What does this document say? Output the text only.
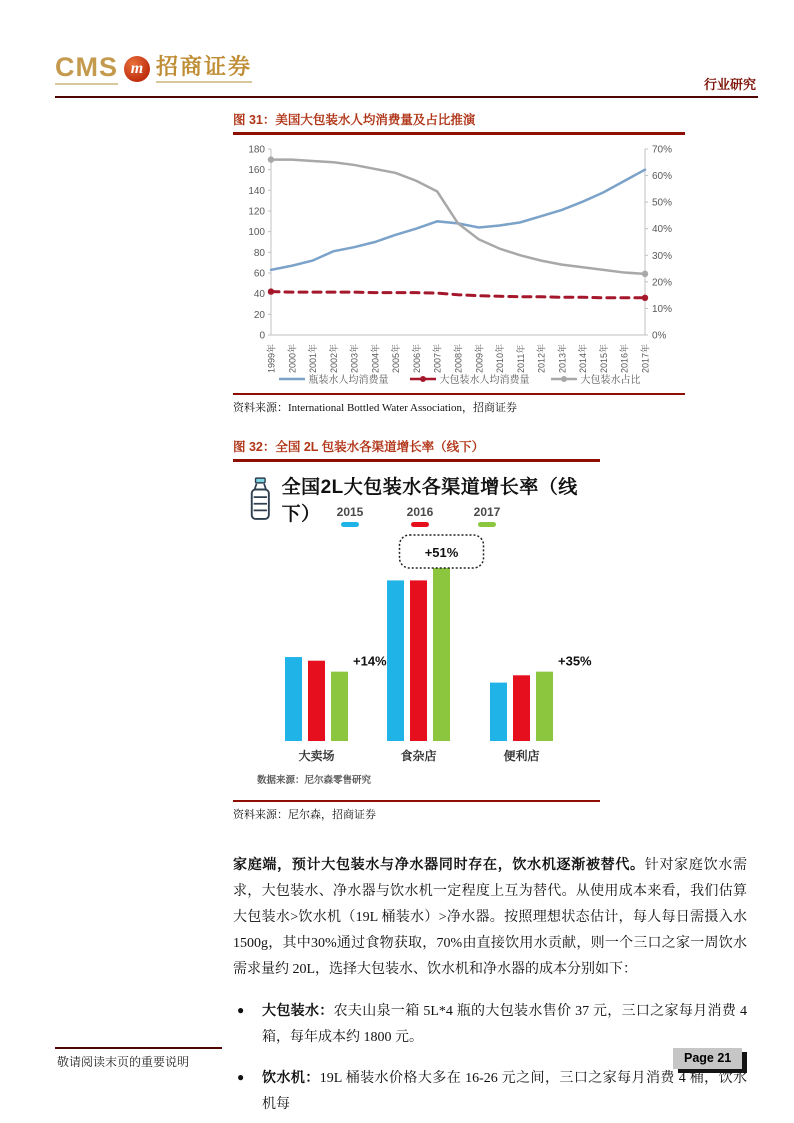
CMS m 招商证券
行业研究
图 31：美国大包装水人均消费量及占比推演
0
20
40
60
80
100
120
140
160
180
0%
10%
20%
30%
40%
50%
60%
70%
1999年 2000年 2001年 2002年 2003年 2004年 2005年 2006年 2007年 2008年 2009年 2010年 2011年 2012年 2013年 2014年 2015年 2016年 2017年
瓶装水人均消费量	大包装水人均消费量	大包装水占比
资料来源：International Bottled Water Association，招商证券
图 32：全国 2L 包装水各渠道增长率（线下）
全国2L大包装水各渠道增长率（线下）	2015	2016	2017
大卖场	食杂店	便利店
+14%
+51%
+35%
数据来源：尼尔森零售研究
资料来源：尼尔森，招商证券

家庭端，预计大包装水与净水器同时存在，饮水机逐渐被替代。针对家庭饮水需求，大包装水、净水器与饮水机一定程度上互为替代。从使用成本来看，我们估算大包装水>饮水机（19L 桶装水）>净水器。按照理想状态估计，每人每日需摄入水 1500g，其中30%通过食物获取，70%由直接饮用水贡献，则一个三口之家一周饮水需求量约 20L，选择大包装水、饮水机和净水器的成本分别如下：

● 大包装水：农夫山泉一箱 5L*4 瓶的大包装水售价 37 元，三口之家每月消费 4 箱，每年成本约 1800 元。
● 饮水机：19L 桶装水价格大多在 16-26 元之间，三口之家每月消费 4 桶，饮水机每
敬请阅读末页的重要说明	Page 21
